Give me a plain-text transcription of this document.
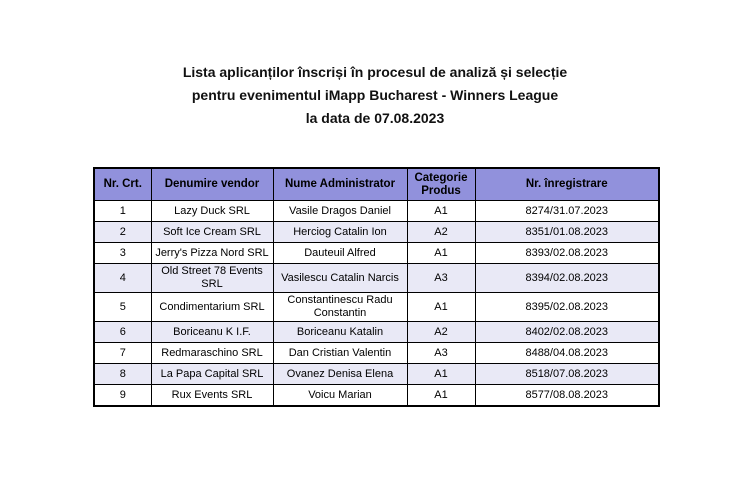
Lista aplicanților înscriși în procesul de analiză și selecție
pentru evenimentul iMapp Bucharest - Winners League
la data de 07.08.2023
Nr. Crt.	Denumire vendor	Nume Administrator	Categorie Produs	Nr. înregistrare
1	Lazy Duck SRL	Vasile Dragos Daniel	A1	8274/31.07.2023
2	Soft Ice Cream SRL	Herciog Catalin Ion	A2	8351/01.08.2023
3	Jerry's Pizza Nord SRL	Dauteuil Alfred	A1	8393/02.08.2023
4	Old Street 78 Events SRL	Vasilescu Catalin Narcis	A3	8394/02.08.2023
5	Condimentarium SRL	Constantinescu Radu Constantin	A1	8395/02.08.2023
6	Boriceanu K I.F.	Boriceanu Katalin	A2	8402/02.08.2023
7	Redmaraschino SRL	Dan Cristian Valentin	A3	8488/04.08.2023
8	La Papa Capital SRL	Ovanez Denisa Elena	A1	8518/07.08.2023
9	Rux Events SRL	Voicu Marian	A1	8577/08.08.2023
